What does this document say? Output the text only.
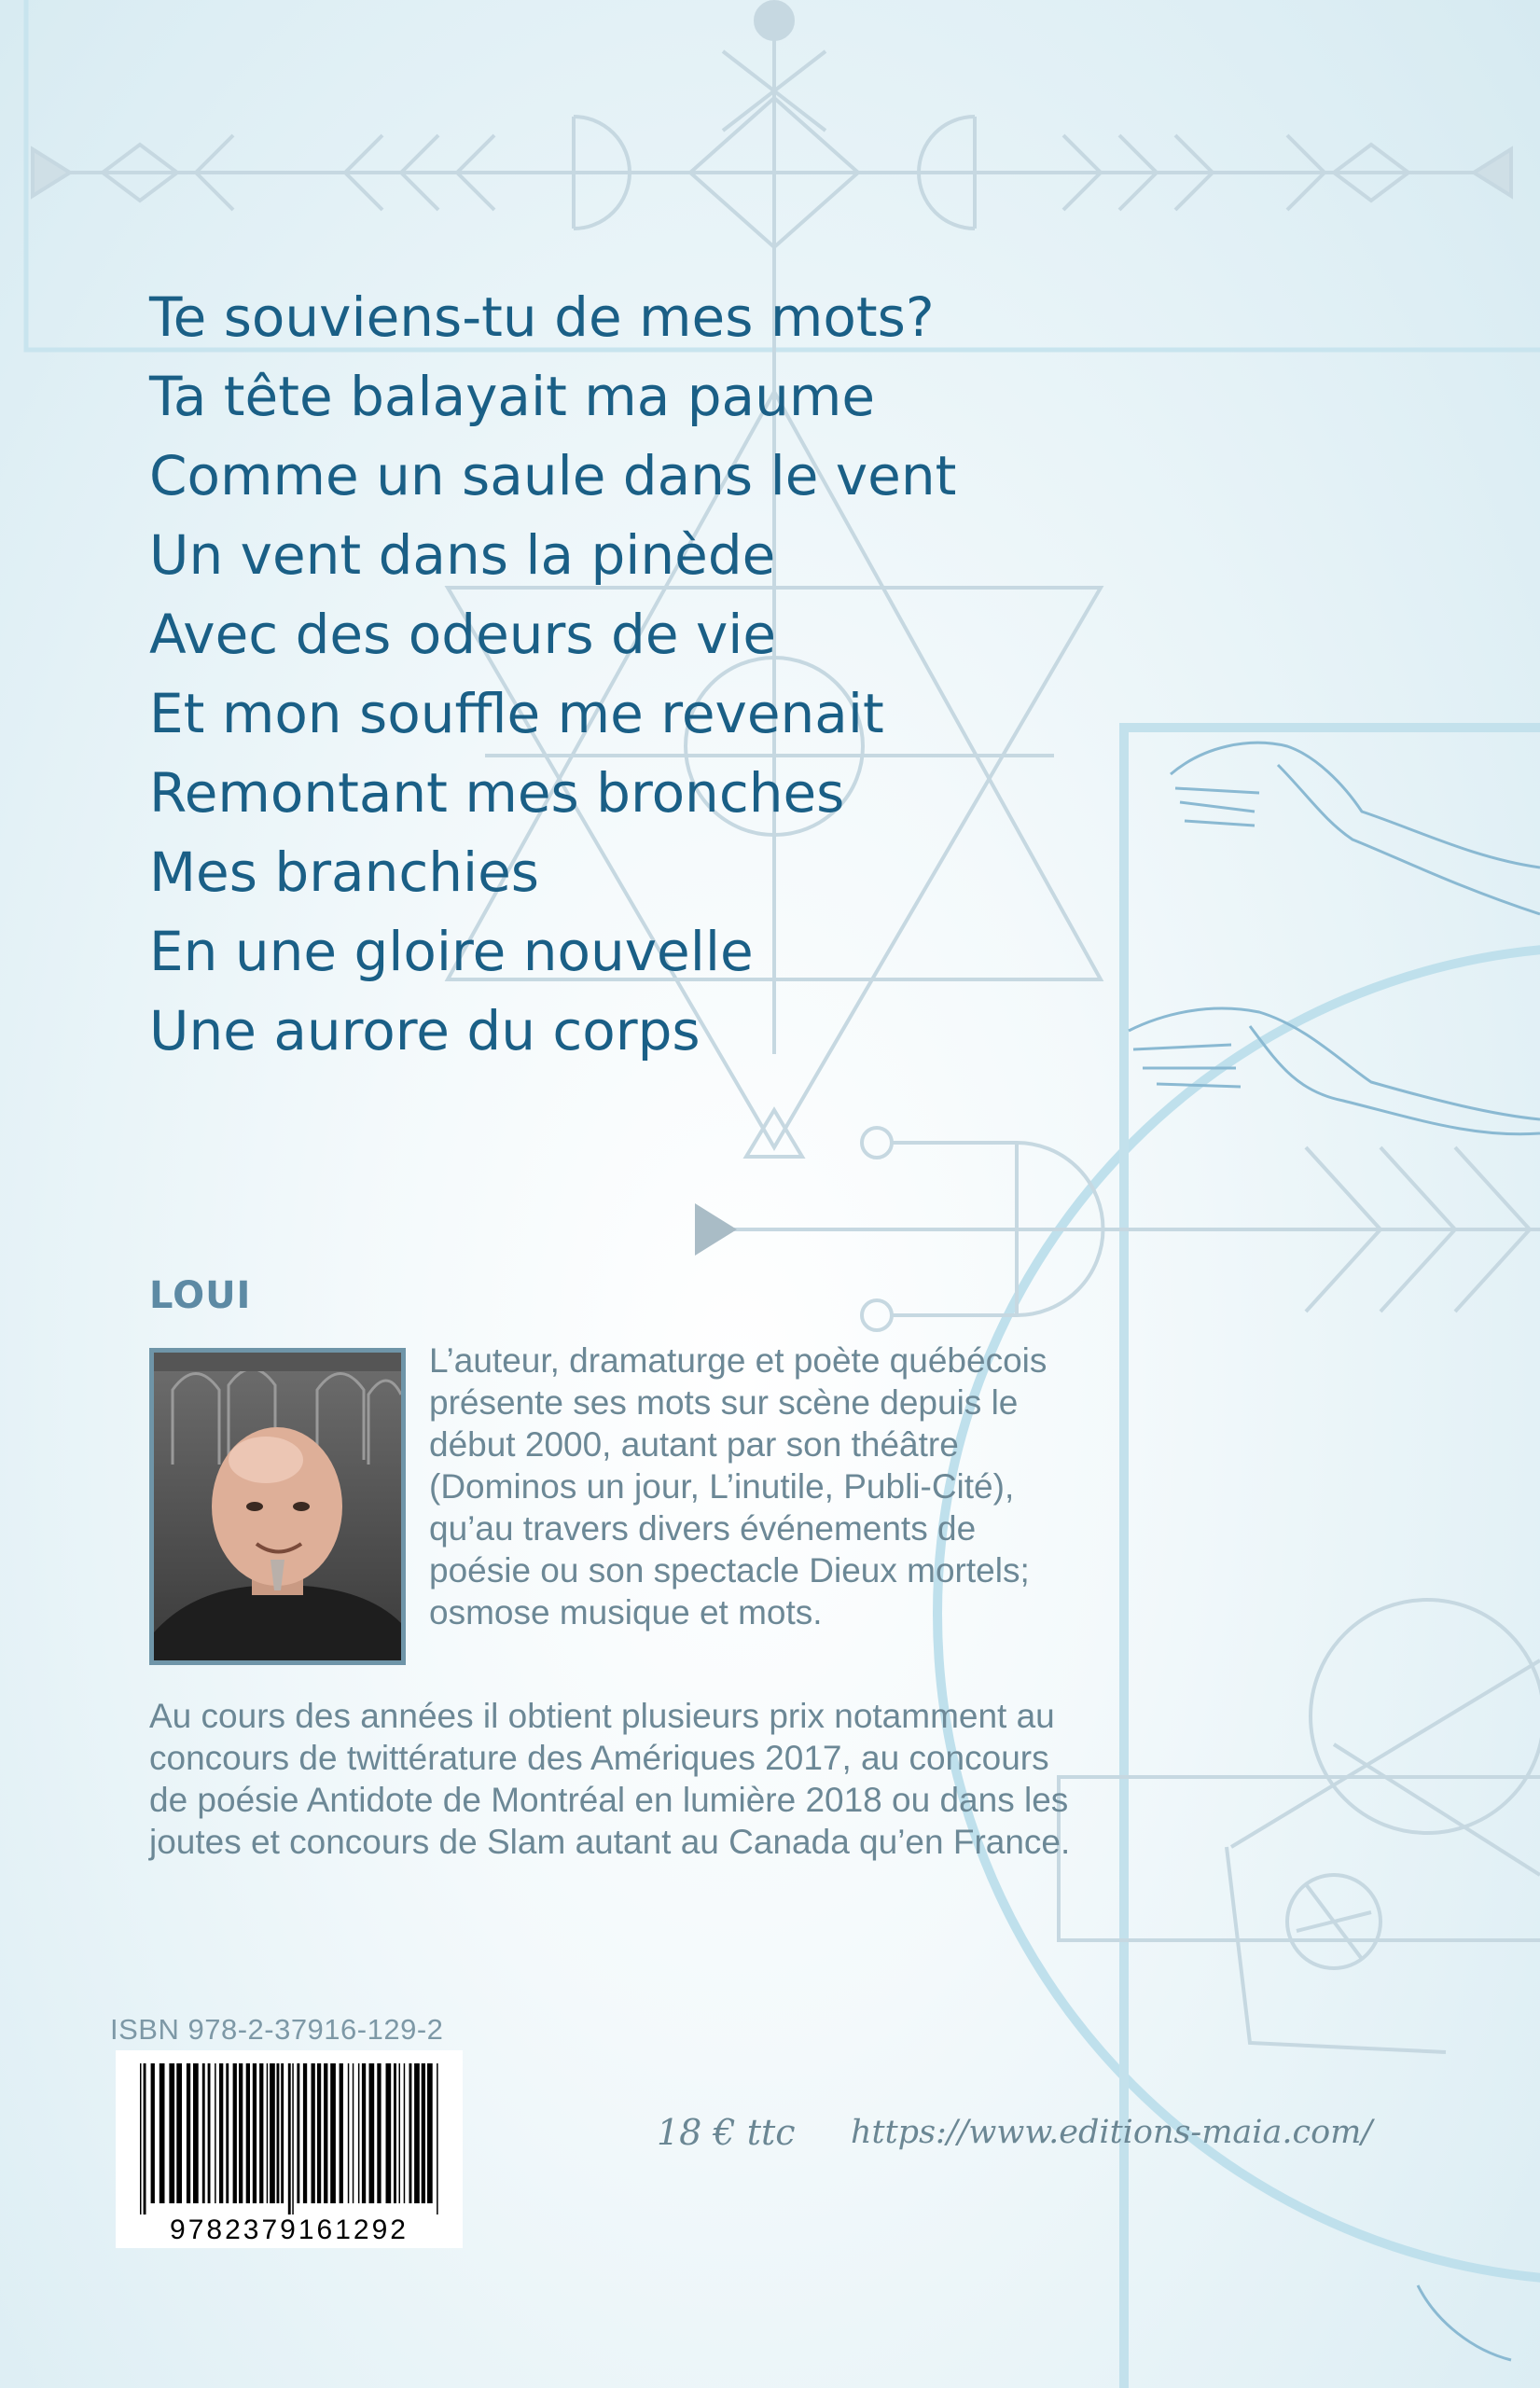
Te souviens-tu de mes mots?
Ta tête balayait ma paume
Comme un saule dans le vent
Un vent dans la pinède
Avec des odeurs de vie
Et mon souffle me revenait
Remontant mes bronches
Mes branchies
En une gloire nouvelle
Une aurore du corps
LOUI

L’auteur, dramaturge et poète québécois présente ses mots sur scène depuis le début 2000, autant par son théâtre (Dominos un jour, L’inutile, Publi-Cité), qu’au travers divers événements de poésie ou son spectacle Dieux mortels; osmose musique et mots.

Au cours des années il obtient plusieurs prix notamment au concours de twittérature des Amériques 2017, au concours de poésie Antidote de Montréal en lumière 2018 ou dans les joutes et concours de Slam autant au Canada qu’en France.

ISBN 978-2-37916-129-2

9782379161292

18 € ttc https://www.editions-maia.com/
